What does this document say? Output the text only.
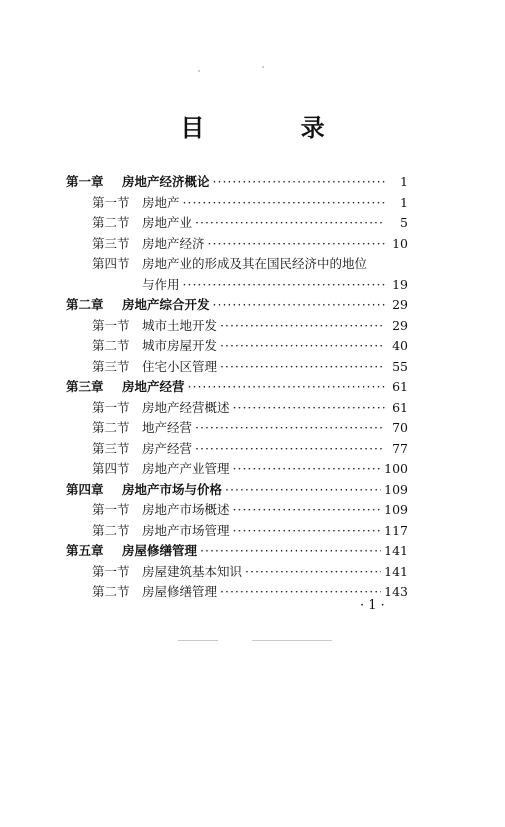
目 录
第一章	房地产经济概论 ·····	1
第一节 房地产 ·····	1
第二节 房地产业 ·····	5
第三节 房地产经济 ·····	10
第四节 房地产业的形成及其在国民经济中的地位
与作用 ·····	19
第二章	房地产综合开发 ·····	29
第一节 城市土地开发 ·····	29
第二节 城市房屋开发 ·····	40
第三节 住宅小区管理 ·····	55
第三章	房地产经营 ·····	61
第一节 房地产经营概述 ·····	61
第二节 地产经营 ·····	70
第三节 房产经营 ·····	77
第四节 房地产产业管理 ·····	100
第四章	房地产市场与价格 ·····	109
第一节 房地产市场概述 ·····	109
第二节 房地产市场管理 ·····	117
第五章	房屋修缮管理 ·····	141
第一节 房屋建筑基本知识 ·····	141
第二节 房屋修缮管理 ·····	143
· 1 ·
